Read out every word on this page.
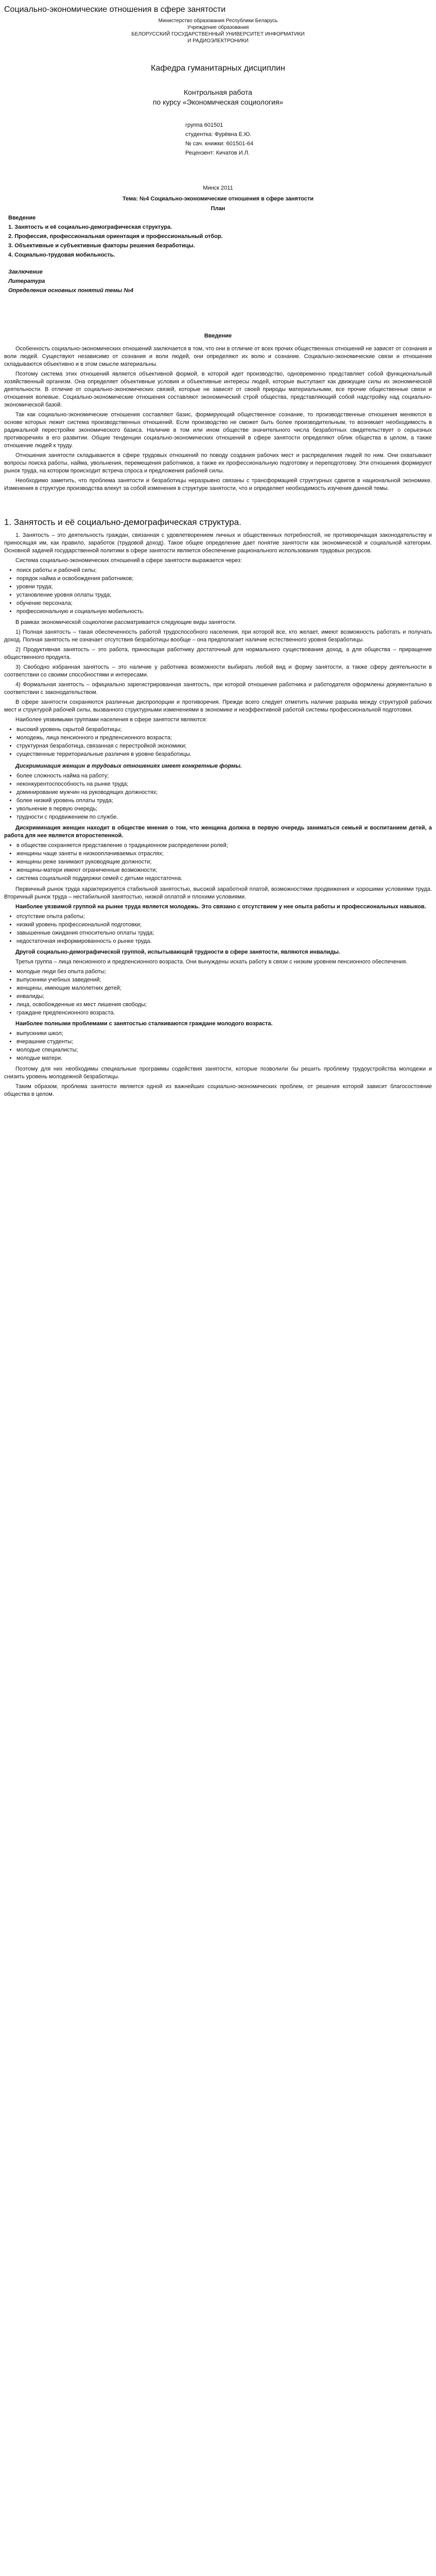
Социально-экономические отношения в сфере занятости
Министерство образования Республики Беларусь
Учреждение образования
БЕЛОРУССКИЙ ГОСУДАРСТВЕННЫЙ УНИВЕРСИТЕТ ИНФОРМАТИКИ
И РАДИОЭЛЕКТРОНИКИ
Кафедра гуманитарных дисциплин
Контрольная работа
по курсу «Экономическая социология»
группа 601501
студентка: Фурёвна Е.Ю.
№ сач. книжки: 601501-64
Рецензент: Кичатов И.Л.
Минск 2011
Тема: №4 Социально-экономические отношения в сфере занятости
План
Введение
1. Занятость и её социально-демографическая структура.
2. Профессия, профессиональная ориентация и профессиональный отбор.
3. Объективные и субъективные факторы решения безработицы.
4. Социально-трудовая мобильность.
Заключение
Литература
Определения основных понятий темы №4
Введение

Особенность социально-экономических отношений заключается в том, что они в отличие от всех прочих общественных отношений не зависят от сознания и воли людей. Существуют независимо от сознания и воли людей, они определяют их волю и сознание. Социально-экономические связи и отношения складываются объективно и в этом смысле материальны.

Поэтому система этих отношений является объективной формой, в которой идет производство, одновременно представляет собой функциональный хозяйственный организм. Она определяет объективные условия и объективные интересы людей, которые выступают как движущие силы их экономической деятельности. В отличие от социально-экономических связей, которые не зависят от своей природы материальными, все прочие общественные связи и отношения волевые. Социально-экономические отношения составляют экономический строй общества, представляющий собой надстройку над социально-экономической базой.

Так как социально-экономические отношения составляют базис, формирующий общественное сознание, то производственные отношения меняются в основе которых лежит система производственных отношений. Если производство не сможет быть более производительным, то возникает необходимость в радикальной перестройке экономического базиса. Наличие в том или ином обществе значительного числа безработных свидетельствует о серьезных противоречиях в его развитии. Общие тенденции социально-экономических отношений в сфере занятости определяют облик общества в целом, а также отношение людей к труду.

Отношения занятости складываются в сфере трудовых отношений по поводу создания рабочих мест и распределения людей по ним. Они охватывают вопросы поиска работы, найма, увольнения, перемещения работников, а также их профессиональную подготовку и переподготовку. Эти отношения формируют рынок труда, на котором происходит встреча спроса и предложения рабочей силы.

Необходимо заметить, что проблема занятости и безработицы неразрывно связаны с трансформацией структурных сдвигов в национальной экономике. Изменения в структуре производства влекут за собой изменения в структуре занятости, что и определяет необходимость изучения данной темы.

1. Занятость и её социально-демографическая структура.

1. Занятость – это деятельность граждан, связанная с удовлетворением личных и общественных потребностей, не противоречащая законодательству и приносящая им, как правило, заработок (трудовой доход). Такое общее определение дает понятие занятости как экономической и социальной категории. Основной задачей государственной политики в сфере занятости является обеспечение рационального использования трудовых ресурсов.

Система социально-экономических отношений в сфере занятости выражается через:

• поиск работы и рабочей силы;
• порядок найма и освобождения работников;
• уровни труда;
• установление уровня оплаты труда;
• обучение персонала;
• профессиональную и социальную мобильность.

В рамках экономической социологии рассматривается следующие виды занятости.

1) Полная занятость – такая обеспеченность работой трудоспособного населения, при которой все, кто желает, имеют возможность работать и получать доход. Полная занятость не означает отсутствия безработицы вообще – она предполагает наличие естественного уровня безработицы.

2) Продуктивная занятость – это работа, приносящая работнику достаточный для нормального существования доход, а для общества – приращение общественного продукта.

3) Свободно избранная занятость – это наличие у работника возможности выбирать любой вид и форму занятости, а также сферу деятельности в соответствии со своими способностями и интересами.

4) Формальная занятость – официально зарегистрированная занятость, при которой отношения работника и работодателя оформлены документально в соответствии с законодательством.

В сфере занятости сохраняются различные диспропорции и противоречия. Прежде всего следует отметить наличие разрыва между структурой рабочих мест и структурой рабочей силы, вызванного структурными изменениями в экономике и неэффективной работой системы профессиональной подготовки.

Наиболее уязвимыми группами населения в сфере занятости являются:

• высокий уровень скрытой безработицы;
• молодежь, лица пенсионного и предпенсионного возраста;
• структурная безработица, связанная с перестройкой экономики;
• существенные территориальные различия в уровне безработицы.
Дискриминация женщин в трудовых отношениях имеет конкретные формы.
• более сложность найма на работу;
• неконкурентоспособность на рынке труда;
• доминирование мужчин на руководящих должностях;
• более низкий уровень оплаты труда;
• увольнение в первую очередь;
• трудности с продвижением по службе.

Дискриминация женщин находит в обществе мнения о том, что женщина должна в первую очередь заниматься семьей и воспитанием детей, а работа для нее является второстепенной.

• в обществе сохраняется представление о традиционном распределении ролей;
• женщины чаще заняты в низкооплачиваемых отраслях;
• женщины реже занимают руководящие должности;
• женщины-матери имеют ограниченные возможности;
• система социальной поддержки семей с детьми недостаточна.

Первичный рынок труда характеризуется стабильной занятостью, высокой заработной платой, возможностями продвижения и хорошими условиями труда. Вторичный рынок труда – нестабильной занятостью, низкой оплатой и плохими условиями.

Наиболее уязвимой группой на рынке труда является молодежь. Это связано с отсутствием у нее опыта работы и профессиональных навыков.

• отсутствие опыта работы;
• низкий уровень профессиональной подготовки;
• завышенные ожидания относительно оплаты труда;
• недостаточная информированность о рынке труда.

Другой социально-демографической группой, испытывающей трудности в сфере занятости, являются инвалиды.

Третья группа – лица пенсионного и предпенсионного возраста. Они вынуждены искать работу в связи с низким уровнем пенсионного обеспечения.

• молодые люди без опыта работы;
• выпускники учебных заведений;
• женщины, имеющие малолетних детей;
• инвалиды;
• лица, освобожденные из мест лишения свободы;
• граждане предпенсионного возраста.

Наиболее полными проблемами с занятостью сталкиваются граждане молодого возраста.

• выпускники школ;
• вчерашние студенты;
• молодые специалисты;
• молодые матери.

Поэтому для них необходимы специальные программы содействия занятости, которые позволили бы решить проблему трудоустройства молодежи и снизить уровень молодежной безработицы.

Таким образом, проблема занятости является одной из важнейших социально-экономических проблем, от решения которой зависит благосостояние общества в целом.
